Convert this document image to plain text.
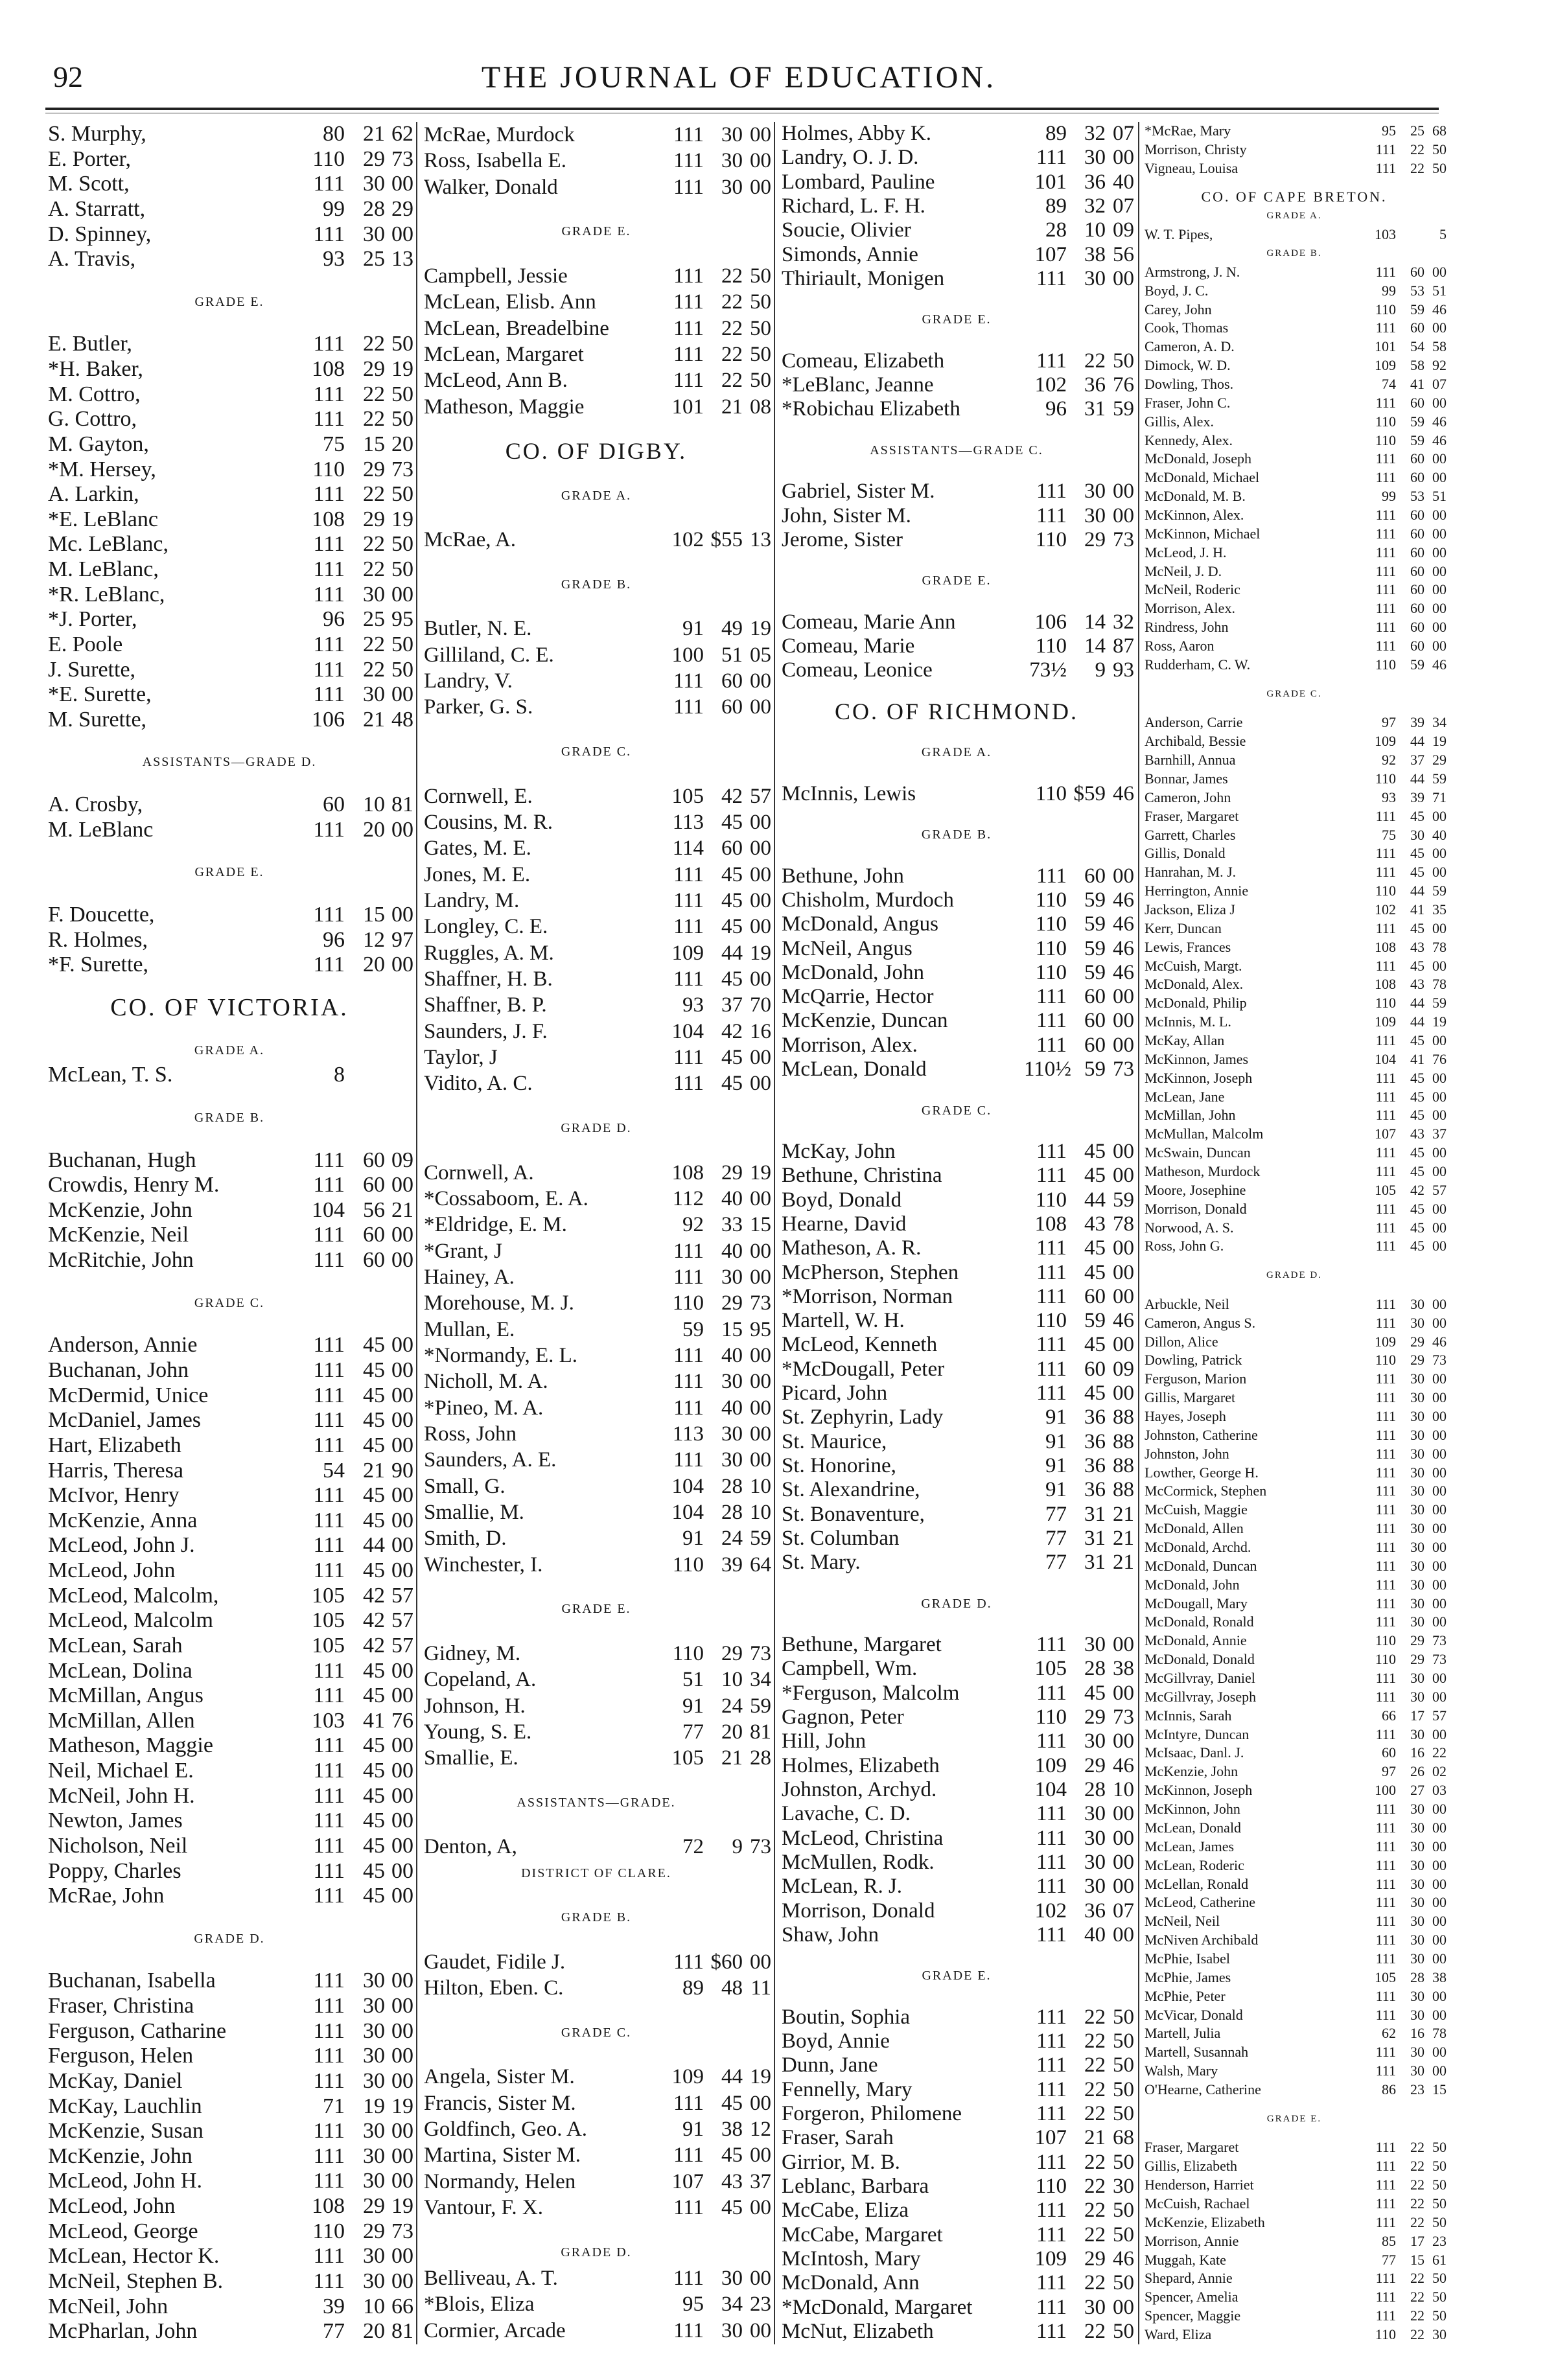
92	THE JOURNAL OF EDUCATION.
S. Murphy,	80 21 62
E. Porter,	110 29 73
M. Scott,	111 30 00
A. Starratt,	99 28 29
D. Spinney,	111 30 00
A. Travis,	93 25 13
GRADE E.
E. Butler,	111 22 50
*H. Baker,	108 29 19
M. Cottro,	111 22 50
G. Cottro,	111 22 50
M. Gayton,	75 15 20
*M. Hersey,	110 29 73
A. Larkin,	111 22 50
*E. LeBlanc	108 29 19
Mc. LeBlanc,	111 22 50
M. LeBlanc,	111 22 50
*R. LeBlanc,	111 30 00
*J. Porter,	96 25 95
E. Poole	111 22 50
J. Surette,	111 22 50
*E. Surette,	111 30 00
M. Surette,	106 21 48
ASSISTANTS—GRADE D.
A. Crosby,	60 10 81
M. LeBlanc	111 20 00
GRADE E.
F. Doucette,	111 15 00
R. Holmes,	96 12 97
*F. Surette,	111 20 00
CO. OF VICTORIA.
GRADE A.
McLean, T. S.	8
GRADE B.
Buchanan, Hugh	111 60 09
Crowdis, Henry M.	111 60 00
McKenzie, John	104 56 21
McKenzie, Neil	111 60 00
McRitchie, John	111 60 00
GRADE C.
Anderson, Annie	111 45 00
Buchanan, John	111 45 00
McDermid, Unice	111 45 00
McDaniel, James	111 45 00
Hart, Elizabeth	111 45 00
Harris, Theresa	54 21 90
McIvor, Henry	111 45 00
McKenzie, Anna	111 45 00
McLeod, John J.	111 44 00
McLeod, John	111 45 00
McLeod, Malcolm,	105 42 57
McLeod, Malcolm	105 42 57
McLean, Sarah	105 42 57
McLean, Dolina	111 45 00
McMillan, Angus	111 45 00
McMillan, Allen	103 41 76
Matheson, Maggie	111 45 00
Neil, Michael E.	111 45 00
McNeil, John H.	111 45 00
Newton, James	111 45 00
Nicholson, Neil	111 45 00
Poppy, Charles	111 45 00
McRae, John	111 45 00
GRADE D.
Buchanan, Isabella	111 30 00
Fraser, Christina	111 30 00
Ferguson, Catharine	111 30 00
Ferguson, Helen	111 30 00
McKay, Daniel	111 30 00
McKay, Lauchlin	71 19 19
McKenzie, Susan	111 30 00
McKenzie, John	111 30 00
McLeod, John H.	111 30 00
McLeod, John	108 29 19
McLeod, George	110 29 73
McLean, Hector K.	111 30 00
McNeil, Stephen B.	111 30 00
McNeil, John	39 10 66
McPharlan, John	77 20 81
McRae, Murdock	111 30 00
Ross, Isabella E.	111 30 00
Walker, Donald	111 30 00
GRADE E.
Campbell, Jessie	111 22 50
McLean, Elisb. Ann	111 22 50
McLean, Breadelbine	111 22 50
McLean, Margaret	111 22 50
McLeod, Ann B.	111 22 50
Matheson, Maggie	101 21 08
CO. OF DIGBY.
GRADE A.
McRae, A.	102 $55 13
GRADE B.
Butler, N. E.	91 49 19
Gilliland, C. E.	100 51 05
Landry, V.	111 60 00
Parker, G. S.	111 60 00
GRADE C.
Cornwell, E.	105 42 57
Cousins, M. R.	113 45 00
Gates, M. E.	114 60 00
Jones, M. E.	111 45 00
Landry, M.	111 45 00
Longley, C. E.	111 45 00
Ruggles, A. M.	109 44 19
Shaffner, H. B.	111 45 00
Shaffner, B. P.	93 37 70
Saunders, J. F.	104 42 16
Taylor, J	111 45 00
Vidito, A. C.	111 45 00
GRADE D.
Cornwell, A.	108 29 19
*Cossaboom, E. A.	112 40 00
*Eldridge, E. M.	92 33 15
*Grant, J	111 40 00
Hainey, A.	111 30 00
Morehouse, M. J.	110 29 73
Mullan, E.	59 15 95
*Normandy, E. L.	111 40 00
Nicholl, M. A.	111 30 00
*Pineo, M. A.	111 40 00
Ross, John	113 30 00
Saunders, A. E.	111 30 00
Small, G.	104 28 10
Smallie, M.	104 28 10
Smith, D.	91 24 59
Winchester, I.	110 39 64
GRADE E.
Gidney, M.	110 29 73
Copeland, A.	51 10 34
Johnson, H.	91 24 59
Young, S. E.	77 20 81
Smallie, E.	105 21 28
ASSISTANTS—GRADE.
Denton, A,	72	9 73
DISTRICT OF CLARE.
GRADE B.
Gaudet, Fidile J.	111 $60 00
Hilton, Eben. C.	89 48 11
GRADE C.
Angela, Sister M.	109 44 19
Francis, Sister M.	111 45 00
Goldfinch, Geo. A.	91 38 12
Martina, Sister M.	111 45 00
Normandy, Helen	107 43 37
Vantour, F. X.	111 45 00
GRADE D.
Belliveau, A. T.	111 30 00
*Blois, Eliza	95 34 23
Cormier, Arcade	111 30 00
Holmes, Abby K.	89 32 07
Landry, O. J. D.	111 30 00
Lombard, Pauline	101 36 40
Richard, L. F. H.	89 32 07
Soucie, Olivier	28 10 09
Simonds, Annie	107 38 56
Thiriault, Monigen	111 30 00
GRADE E.
Comeau, Elizabeth	111 22 50
*LeBlanc, Jeanne	102 36 76
*Robichau Elizabeth	96 31 59
ASSISTANTS—GRADE C.
Gabriel, Sister M.	111 30 00
John, Sister M.	111 30 00
Jerome, Sister	110 29 73
GRADE E.
Comeau, Marie Ann	106 14 32
Comeau, Marie	110 14 87
Comeau, Leonice	73½	9 93
CO. OF RICHMOND.
GRADE A.
McInnis, Lewis	110 $59 46
GRADE B.
Bethune, John	111 60 00
Chisholm, Murdoch	110 59 46
McDonald, Angus	110 59 46
McNeil, Angus	110 59 46
McDonald, John	110 59 46
McQarrie, Hector	111 60 00
McKenzie, Duncan	111 60 00
Morrison, Alex.	111 60 00
McLean, Donald	110½ 59 73
GRADE C.
McKay, John	111 45 00
Bethune, Christina	111 45 00
Boyd, Donald	110 44 59
Hearne, David	108 43 78
Matheson, A. R.	111 45 00
McPherson, Stephen	111 45 00
*Morrison, Norman	111 60 00
Martell, W. H.	110 59 46
McLeod, Kenneth	111 45 00
*McDougall, Peter	111 60 09
Picard, John	111 45 00
St. Zephyrin, Lady	91 36 88
St. Maurice,	91 36 88
St. Honorine,	91 36 88
St. Alexandrine,	91 36 88
St. Bonaventure,	77 31 21
St. Columban	77 31 21
St. Mary.	77 31 21
GRADE D.
Bethune, Margaret	111 30 00
Campbell, Wm.	105 28 38
*Ferguson, Malcolm	111 45 00
Gagnon, Peter	110 29 73
Hill, John	111 30 00
Holmes, Elizabeth	109 29 46
Johnston, Archyd.	104 28 10
Lavache, C. D.	111 30 00
McLeod, Christina	111 30 00
McMullen, Rodk.	111 30 00
McLean, R. J.	111 30 00
Morrison, Donald	102 36 07
Shaw, John	111 40 00
GRADE E.
Boutin, Sophia	111 22 50
Boyd, Annie	111 22 50
Dunn, Jane	111 22 50
Fennelly, Mary	111 22 50
Forgeron, Philomene	111 22 50
Fraser, Sarah	107 21 68
Girrior, M. B.	111 22 50
Leblanc, Barbara	110 22 30
McCabe, Eliza	111 22 50
McCabe, Margaret	111 22 50
McIntosh, Mary	109 29 46
McDonald, Ann	111 22 50
*McDonald, Margaret	111 30 00
McNut, Elizabeth	111 22 50
*McRae, Mary	95	25 68
Morrison, Christy	111	22 50
Vigneau, Louisa	111	22 50
CO. OF CAPE BRETON.
GRADE A.
W. T. Pipes,	103	5
GRADE B.
Armstrong, J. N.	111	60 00
Boyd, J. C.	99	53 51
Carey, John	110	59 46
Cook, Thomas	111	60 00
Cameron, A. D.	101	54 58
Dimock, W. D.	109	58 92
Dowling, Thos.	74	41 07
Fraser, John C.	111	60 00
Gillis, Alex.	110	59 46
Kennedy, Alex.	110	59 46
McDonald, Joseph	111	60 00
McDonald, Michael	111	60 00
McDonald, M. B.	99	53 51
McKinnon, Alex.	111	60 00
McKinnon, Michael	111	60 00
McLeod, J. H.	111	60 00
McNeil, J. D.	111	60 00
McNeil, Roderic	111	60 00
Morrison, Alex.	111	60 00
Rindress, John	111	60 00
Ross, Aaron	111	60 00
Rudderham, C. W.	110	59 46
GRADE C.
Anderson, Carrie	97	39 34
Archibald, Bessie	109	44 19
Barnhill, Annua	92	37 29
Bonnar, James	110	44 59
Cameron, John	93	39 71
Fraser, Margaret	111	45 00
Garrett, Charles	75	30 40
Gillis, Donald	111	45 00
Hanrahan, M. J.	111	45 00
Herrington, Annie	110	44 59
Jackson, Eliza J	102	41 35
Kerr, Duncan	111	45 00
Lewis, Frances	108	43 78
McCuish, Margt.	111	45 00
McDonald, Alex.	108	43 78
McDonald, Philip	110	44 59
McInnis, M. L.	109	44 19
McKay, Allan	111	45 00
McKinnon, James	104	41 76
McKinnon, Joseph	111	45 00
McLean, Jane	111	45 00
McMillan, John	111	45 00
McMullan, Malcolm	107	43 37
McSwain, Duncan	111	45 00
Matheson, Murdock	111	45 00
Moore, Josephine	105	42 57
Morrison, Donald	111	45 00
Norwood, A. S.	111	45 00
Ross, John G.	111	45 00
GRADE D.
Arbuckle, Neil	111	30 00
Cameron, Angus S.	111	30 00
Dillon, Alice	109	29 46
Dowling, Patrick	110	29 73
Ferguson, Marion	111	30 00
Gillis, Margaret	111	30 00
Hayes, Joseph	111	30 00
Johnston, Catherine	111	30 00
Johnston, John	111	30 00
Lowther, George H.	111	30 00
McCormick, Stephen	111	30 00
McCuish, Maggie	111	30 00
McDonald, Allen	111	30 00
McDonald, Archd.	111	30 00
McDonald, Duncan	111	30 00
McDonald, John	111	30 00
McDougall, Mary	111	30 00
McDonald, Ronald	111	30 00
McDonald, Annie	110	29 73
McDonald, Donald	110	29 73
McGillvray, Daniel	111	30 00
McGillvray, Joseph	111	30 00
McInnis, Sarah	66	17 57
McIntyre, Duncan	111	30 00
McIsaac, Danl. J.	60	16 22
McKenzie, John	97	26 02
McKinnon, Joseph	100	27 03
McKinnon, John	111	30 00
McLean, Donald	111	30 00
McLean, James	111	30 00
McLean, Roderic	111	30 00
McLellan, Ronald	111	30 00
McLeod, Catherine	111	30 00
McNeil, Neil	111	30 00
McNiven Archibald	111	30 00
McPhie, Isabel	111	30 00
McPhie, James	105	28 38
McPhie, Peter	111	30 00
McVicar, Donald	111	30 00
Martell, Julia	62	16 78
Martell, Susannah	111	30 00
Walsh, Mary	111	30 00
O'Hearne, Catherine	86	23 15
GRADE E.
Fraser, Margaret	111	22 50
Gillis, Elizabeth	111	22 50
Henderson, Harriet	111	22 50
McCuish, Rachael	111	22 50
McKenzie, Elizabeth	111	22 50
Morrison, Annie	85	17 23
Muggah, Kate	77	15 61
Shepard, Annie	111	22 50
Spencer, Amelia	111	22 50
Spencer, Maggie	111	22 50
Ward, Eliza	110	22 30
